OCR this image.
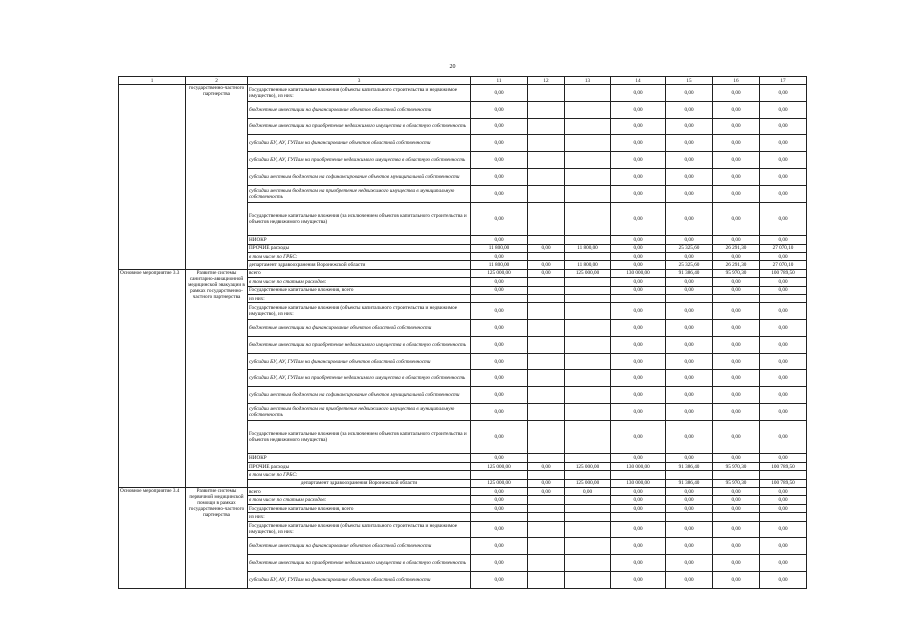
20
1	2	3	11	12	13	14	15	16	17
	государственно-частного партнерства	Государственные капитальные вложения (объекты капитального строительства и недвижимое имущество), из них:	0,00			0,00	0,00	0,00	0,00
		бюджетные инвестиции на финансирование объектов областной собственности	0,00			0,00	0,00	0,00	0,00
		бюджетные инвестиции на приобретение недвижимого имущества в областную собственность	0,00			0,00	0,00	0,00	0,00
		субсидии БУ, АУ, ГУПам на финансирование объектов областной собственности	0,00			0,00	0,00	0,00	0,00
		субсидии БУ, АУ, ГУПам на приобретение недвижимого имущества в областную собственность	0,00			0,00	0,00	0,00	0,00
		субсидии местным бюджетам на софинансирование объектов муниципальной собственности	0,00			0,00	0,00	0,00	0,00
		субсидии местным бюджетам на приобретение недвижимого имущества в муниципальную собственность	0,00			0,00	0,00	0,00	0,00
		Государственные капитальные вложения (за исключением объектов капитального строительства и объектов недвижимого имущества)	0,00			0,00	0,00	0,00	0,00
		НИОКР	0,00			0,00	0,00	0,00	0,00
		ПРОЧИЕ расходы	11 800,00	0,00	11 800,00	0,00	25 325,60	26 291,30	27 070,10
		в том числе по ГРБС:	0,00			0,00	0,00	0,00	0,00
		департамент здравоохранения Воронежской области	11 800,00	0,00	11 800,00	0,00	25 325,60	26 291,30	27 070,10
Основное мероприятие 3.3	Развитие системы санитарно-авиационной медицинской эвакуации в рамках государственно-частного партнерства	всего	125 000,00	0,00	125 000,00	130 000,00	91 386,40	95 970,30	100 789,50
		в том числе по статьям расходов:	0,00			0,00	0,00	0,00	0,00
		Государственные капитальные вложения, всего	0,00			0,00	0,00	0,00	0,00
		из них:							
		Государственные капитальные вложения (объекты капитального строительства и недвижимое имущество), из них:	0,00			0,00	0,00	0,00	0,00
		бюджетные инвестиции на финансирование объектов областной собственности	0,00			0,00	0,00	0,00	0,00
		бюджетные инвестиции на приобретение недвижимого имущества в областную собственность	0,00			0,00	0,00	0,00	0,00
		субсидии БУ, АУ, ГУПам на финансирование объектов областной собственности	0,00			0,00	0,00	0,00	0,00
		субсидии БУ, АУ, ГУПам на приобретение недвижимого имущества в областную собственность	0,00			0,00	0,00	0,00	0,00
		субсидии местным бюджетам на софинансирование объектов муниципальной собственности	0,00			0,00	0,00	0,00	0,00
		субсидии местным бюджетам на приобретение недвижимого имущества в муниципальную собственность	0,00			0,00	0,00	0,00	0,00
		Государственные капитальные вложения (за исключением объектов капитального строительства и объектов недвижимого имущества)	0,00			0,00	0,00	0,00	0,00
		НИОКР	0,00			0,00	0,00	0,00	0,00
		ПРОЧИЕ расходы	125 000,00	0,00	125 000,00	130 000,00	91 386,40	95 970,30	100 789,50
		в том числе по ГРБС:							
		департамент здравоохранения Воронежской области	125 000,00	0,00	125 000,00	130 000,00	91 386,40	95 970,30	100 789,50
Основное мероприятие 3.4	Развитие системы первичной медицинской помощи в рамках государственно-частного партнерства	всего	0,00	0,00	0,00	0,00	0,00	0,00	0,00
		в том числе по статьям расходов:	0,00			0,00	0,00	0,00	0,00
		Государственные капитальные вложения, всего	0,00			0,00	0,00	0,00	0,00
		из них:							
		Государственные капитальные вложения (объекты капитального строительства и недвижимое имущество), из них:	0,00			0,00	0,00	0,00	0,00
		бюджетные инвестиции на финансирование объектов областной собственности	0,00			0,00	0,00	0,00	0,00
		бюджетные инвестиции на приобретение недвижимого имущества в областную собственность	0,00			0,00	0,00	0,00	0,00
		субсидии БУ, АУ, ГУПам на финансирование объектов областной собственности	0,00			0,00	0,00	0,00	0,00
